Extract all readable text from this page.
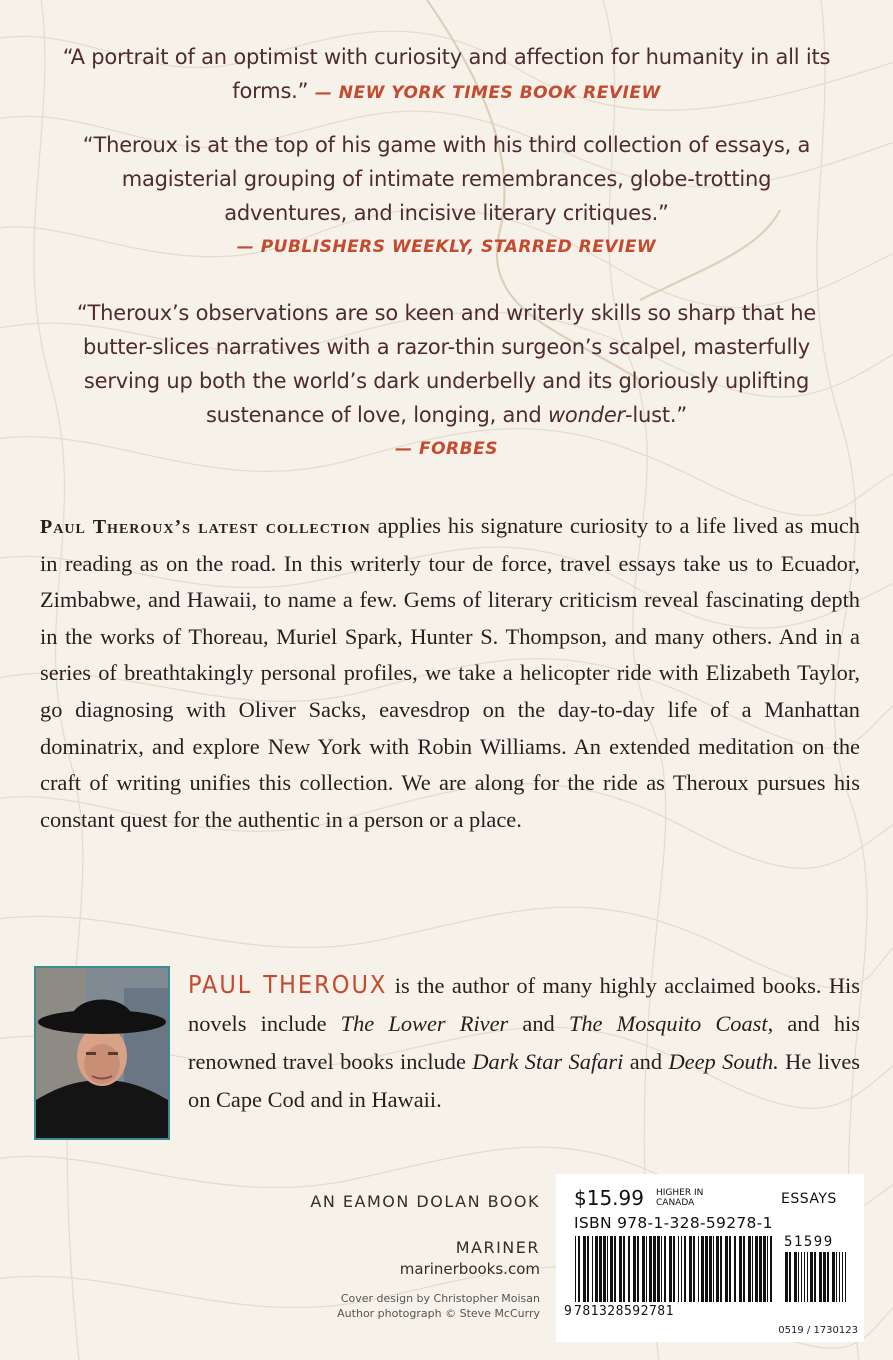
“A portrait of an optimist with curiosity and affection for humanity in all its forms.” — NEW YORK TIMES BOOK REVIEW
“Theroux is at the top of his game with his third collection of essays, a magisterial grouping of intimate remembrances, globe-trotting adventures, and incisive literary critiques.”
— PUBLISHERS WEEKLY, STARRED REVIEW
“Theroux’s observations are so keen and writerly skills so sharp that he butter-slices narratives with a razor-thin surgeon’s scalpel, masterfully serving up both the world’s dark underbelly and its gloriously uplifting sustenance of love, longing, and wonder-lust.”
— FORBES
Paul Theroux’s latest collection applies his signature curiosity to a life lived as much in reading as on the road. In this writerly tour de force, travel essays take us to Ecuador, Zimbabwe, and Hawaii, to name a few. Gems of literary criticism reveal fascinating depth in the works of Thoreau, Muriel Spark, Hunter S. Thompson, and many others. And in a series of breathtakingly personal profiles, we take a helicopter ride with Elizabeth Taylor, go diagnosing with Oliver Sacks, eavesdrop on the day-to-day life of a Manhattan dominatrix, and explore New York with Robin Williams. An extended meditation on the craft of writing unifies this collection. We are along for the ride as Theroux pursues his constant quest for the authentic in a person or a place.
PAUL THEROUX is the author of many highly acclaimed books. His novels include The Lower River and The Mosquito Coast, and his renowned travel books include Dark Star Safari and Deep South. He lives on Cape Cod and in Hawaii.
AN EAMON DOLAN BOOK
MARINER
marinerbooks.com
Cover design by Christopher Moisan
Author photograph © Steve McCurry
$15.99 HIGHER IN CANADA	ESSAYS
ISBN 978-1-328-59278-1
51599
9 781328592781
0519 / 1730123
